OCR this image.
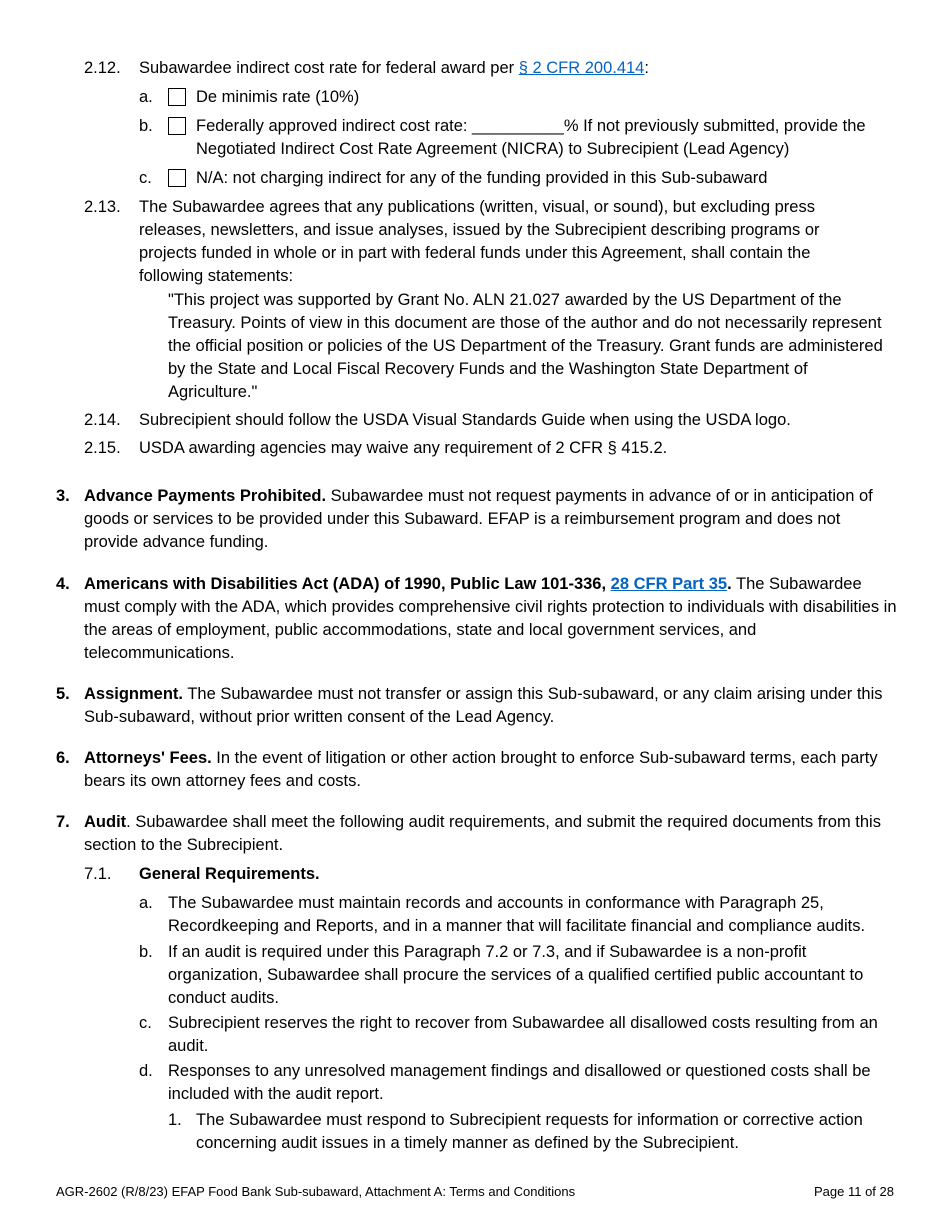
2.12. Subawardee indirect cost rate for federal award per § 2 CFR 200.414:
a.	De minimis rate (10%)
b.	Federally approved indirect cost rate: __________% If not previously submitted, provide the Negotiated Indirect Cost Rate Agreement (NICRA) to Subrecipient (Lead Agency)
c.	N/A: not charging indirect for any of the funding provided in this Sub-subaward
2.13. The Subawardee agrees that any publications (written, visual, or sound), but excluding press releases, newsletters, and issue analyses, issued by the Subrecipient describing programs or projects funded in whole or in part with federal funds under this Agreement, shall contain the following statements:
"This project was supported by Grant No. ALN 21.027 awarded by the US Department of the Treasury. Points of view in this document are those of the author and do not necessarily represent the official position or policies of the US Department of the Treasury. Grant funds are administered by the State and Local Fiscal Recovery Funds and the Washington State Department of Agriculture."
2.14. Subrecipient should follow the USDA Visual Standards Guide when using the USDA logo.
2.15. USDA awarding agencies may waive any requirement of 2 CFR § 415.2.
3. Advance Payments Prohibited. Subawardee must not request payments in advance of or in anticipation of goods or services to be provided under this Subaward. EFAP is a reimbursement program and does not provide advance funding.
4. Americans with Disabilities Act (ADA) of 1990, Public Law 101-336, 28 CFR Part 35. The Subawardee must comply with the ADA, which provides comprehensive civil rights protection to individuals with disabilities in the areas of employment, public accommodations, state and local government services, and telecommunications.
5. Assignment. The Subawardee must not transfer or assign this Sub-subaward, or any claim arising under this Sub-subaward, without prior written consent of the Lead Agency.
6. Attorneys' Fees. In the event of litigation or other action brought to enforce Sub-subaward terms, each party bears its own attorney fees and costs.
7. Audit. Subawardee shall meet the following audit requirements, and submit the required documents from this section to the Subrecipient.
7.1. General Requirements.
a. The Subawardee must maintain records and accounts in conformance with Paragraph 25, Recordkeeping and Reports, and in a manner that will facilitate financial and compliance audits.
b. If an audit is required under this Paragraph 7.2 or 7.3, and if Subawardee is a non-profit organization, Subawardee shall procure the services of a qualified certified public accountant to conduct audits.
c. Subrecipient reserves the right to recover from Subawardee all disallowed costs resulting from an audit.
d. Responses to any unresolved management findings and disallowed or questioned costs shall be included with the audit report.
1. The Subawardee must respond to Subrecipient requests for information or corrective action concerning audit issues in a timely manner as defined by the Subrecipient.
AGR-2602 (R/8/23) EFAP Food Bank Sub-subaward, Attachment A: Terms and Conditions	Page 11 of 28
